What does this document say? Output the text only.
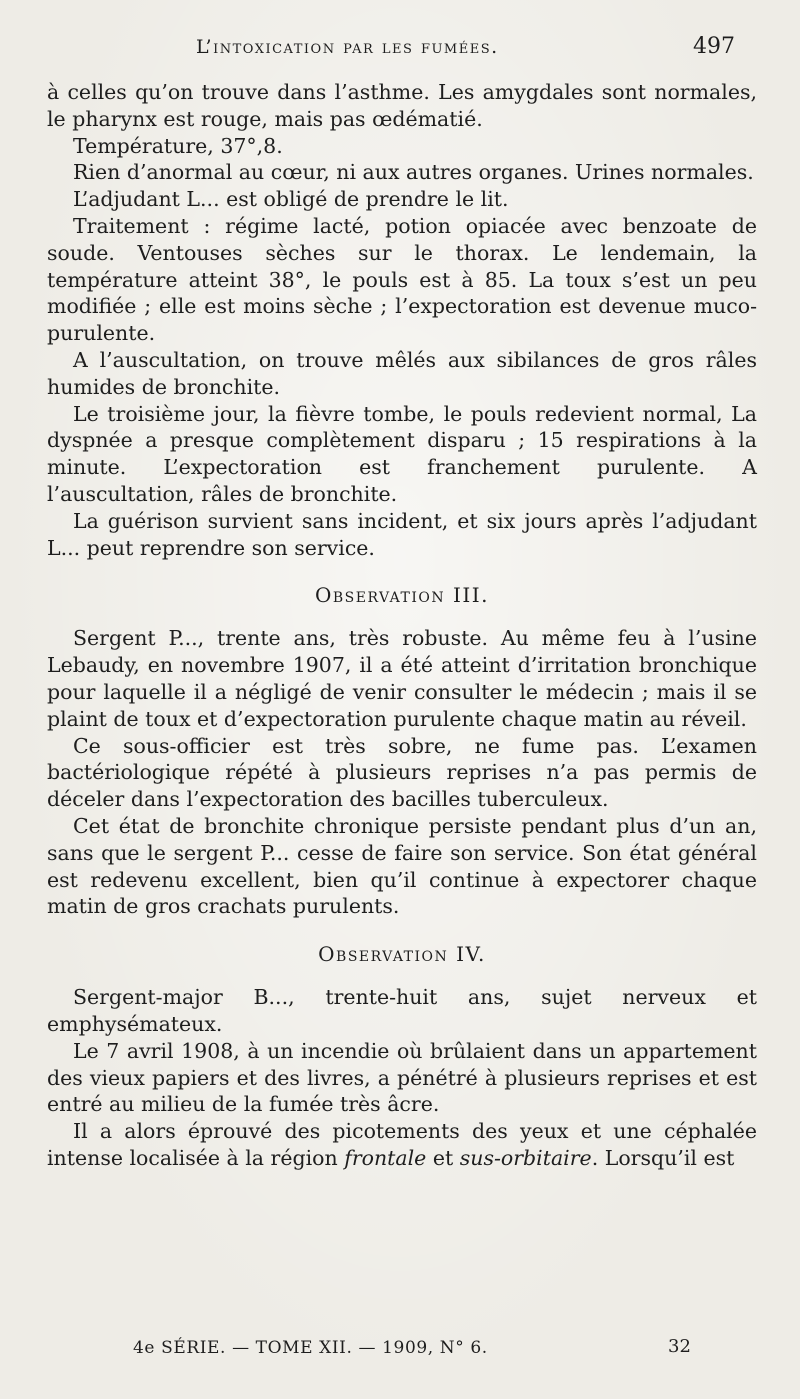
L’intoxication par les fumées.	497

à celles qu’on trouve dans l’asthme. Les amygdales sont normales, le pharynx est rouge, mais pas œdématié.

Température, 37°,8.

Rien d’anormal au cœur, ni aux autres organes. Urines normales.

L’adjudant L... est obligé de prendre le lit.

Traitement : régime lacté, potion opiacée avec benzoate de soude. Ventouses sèches sur le thorax. Le lendemain, la température atteint 38°, le pouls est à 85. La toux s’est un peu modifiée ; elle est moins sèche ; l’expectoration est devenue muco-purulente.

A l’auscultation, on trouve mêlés aux sibilances de gros râles humides de bronchite.

Le troisième jour, la fièvre tombe, le pouls redevient normal, La dyspnée a presque complètement disparu ; 15 respirations à la minute. L’expectoration est franchement purulente. A l’auscultation, râles de bronchite.

La guérison survient sans incident, et six jours après l’adjudant L... peut reprendre son service.

Observation III.

Sergent P..., trente ans, très robuste. Au même feu à l’usine Lebaudy, en novembre 1907, il a été atteint d’irritation bronchique pour laquelle il a négligé de venir consulter le médecin ; mais il se plaint de toux et d’expectoration purulente chaque matin au réveil.

Ce sous-officier est très sobre, ne fume pas. L’examen bactériologique répété à plusieurs reprises n’a pas permis de déceler dans l’expectoration des bacilles tuberculeux.

Cet état de bronchite chronique persiste pendant plus d’un an, sans que le sergent P... cesse de faire son service. Son état général est redevenu excellent, bien qu’il continue à expectorer chaque matin de gros crachats purulents.

Observation IV.

Sergent-major B..., trente-huit ans, sujet nerveux et emphysémateux.

Le 7 avril 1908, à un incendie où brûlaient dans un appartement des vieux papiers et des livres, a pénétré à plusieurs reprises et est entré au milieu de la fumée très âcre.

Il a alors éprouvé des picotements des yeux et une céphalée intense localisée à la région frontale et sus-orbitaire. Lorsqu’il est

4e SÉRIE. — TOME XII. — 1909, N° 6.	32
